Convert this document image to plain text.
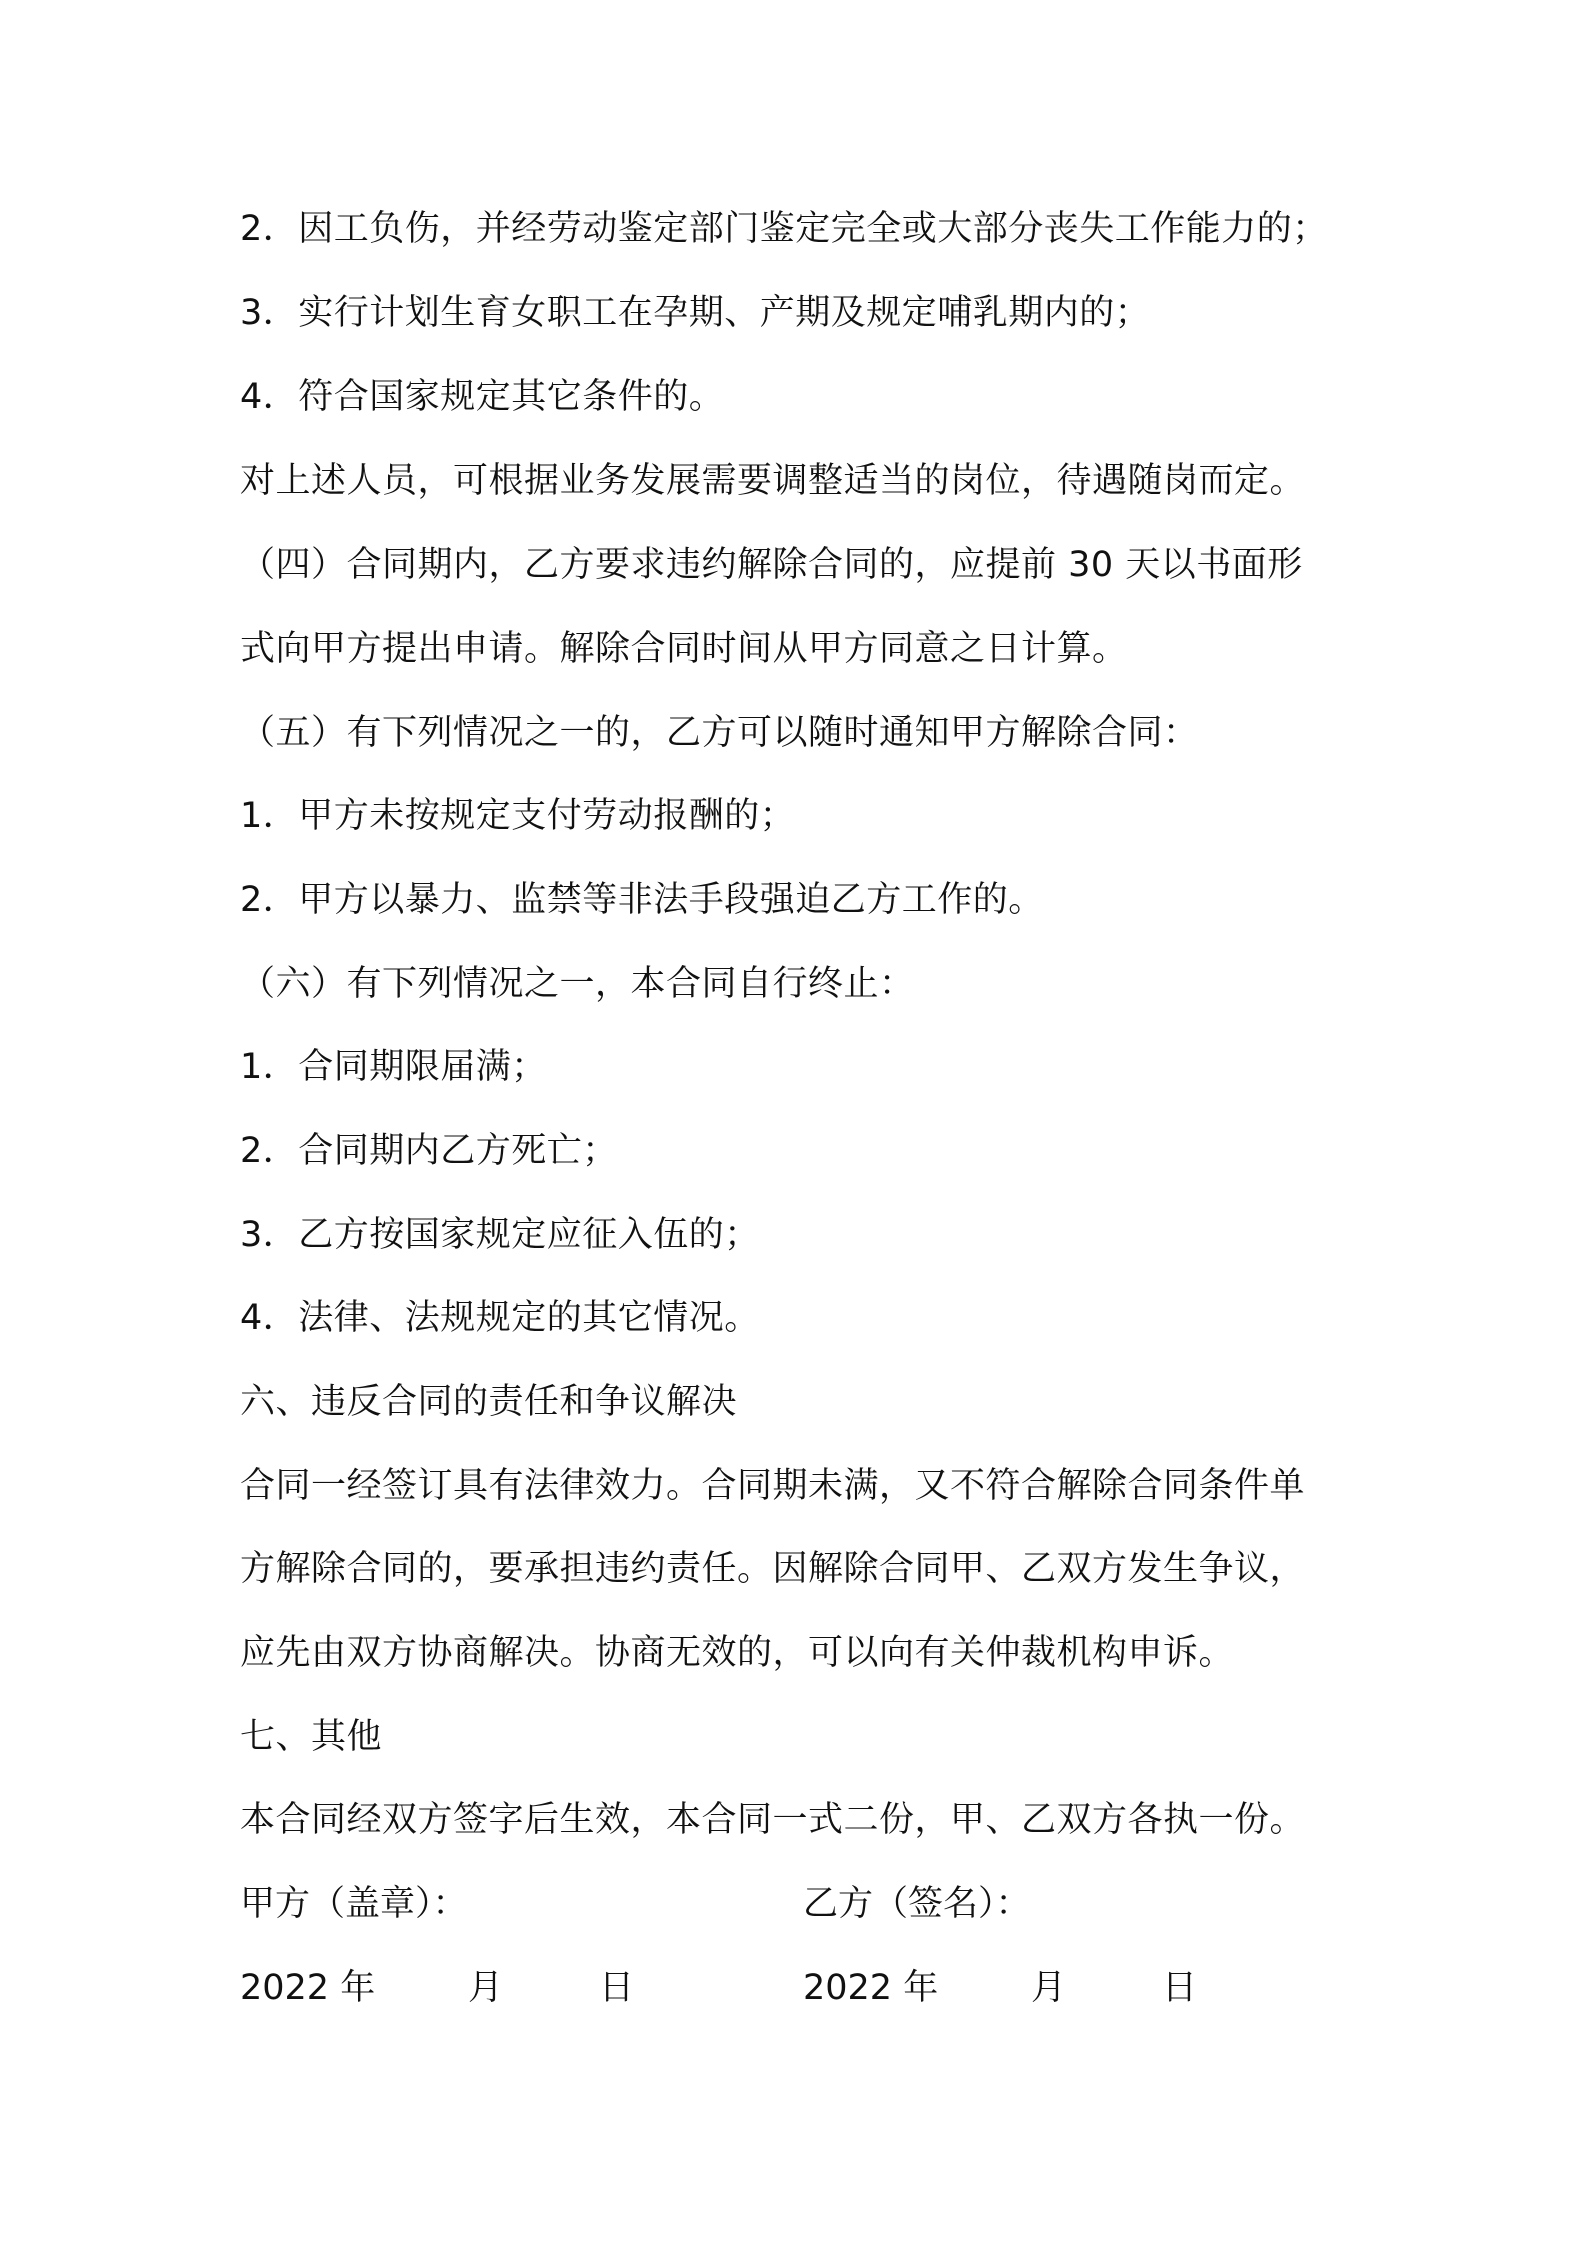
2．因工负伤，并经劳动鉴定部门鉴定完全或大部分丧失工作能力的；

3．实行计划生育女职工在孕期、产期及规定哺乳期内的；

4．符合国家规定其它条件的。

对上述人员，可根据业务发展需要调整适当的岗位，待遇随岗而定。

（四）合同期内，乙方要求违约解除合同的，应提前 30 天以书面形

式向甲方提出申请。解除合同时间从甲方同意之日计算。

（五）有下列情况之一的，乙方可以随时通知甲方解除合同：

1．甲方未按规定支付劳动报酬的；

2．甲方以暴力、监禁等非法手段强迫乙方工作的。

（六）有下列情况之一，本合同自行终止：

1．合同期限届满；

2．合同期内乙方死亡；

3．乙方按国家规定应征入伍的；

4．法律、法规规定的其它情况。

六、违反合同的责任和争议解决

合同一经签订具有法律效力。合同期未满，又不符合解除合同条件单

方解除合同的，要承担违约责任。因解除合同甲、乙双方发生争议，

应先由双方协商解决。协商无效的，可以向有关仲裁机构申诉。

七、其他

本合同经双方签字后生效，本合同一式二份，甲、乙双方各执一份。

甲方（盖章）：	乙方（签名）：
2022 年	月	日	2022 年	月	日
